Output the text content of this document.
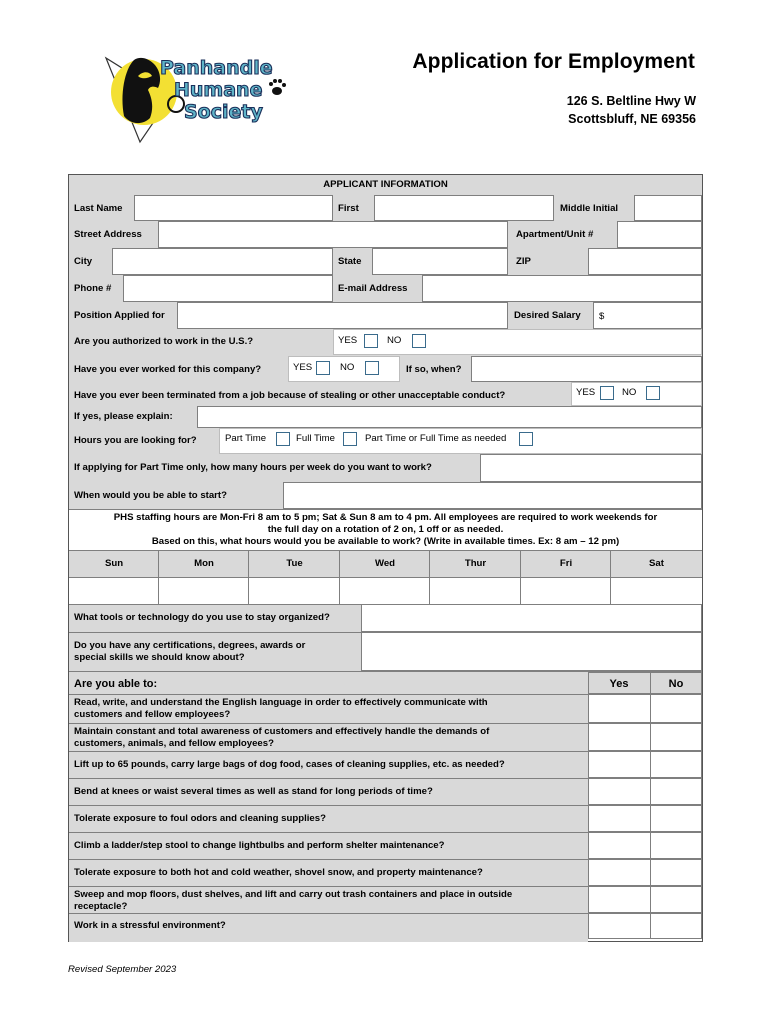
Panhandle
Humane
Society
Application for Employment
126 S. Beltline Hwy W
Scottsbluff, NE 69356
APPLICANT INFORMATION
Last Name	First	Middle Initial
Street Address	Apartment/Unit #
City	State	ZIP
Phone #	E-mail Address
Position Applied for	Desired Salary $
Are you authorized to work in the U.S.?	YES	NO
Have you ever worked for this company?	YES	NO	If so, when?
Have you ever been terminated from a job because of stealing or other unacceptable conduct?	YES	NO
If yes, please explain:
Hours you are looking for?	Part Time	Full Time	Part Time or Full Time as needed
If applying for Part Time only, how many hours per week do you want to work?
When would you be able to start?
PHS staffing hours are Mon-Fri 8 am to 5 pm; Sat & Sun 8 am to 4 pm. All employees are required to work weekends for
the full day on a rotation of 2 on, 1 off or as needed.
Based on this, what hours would you be available to work? (Write in available times. Ex: 8 am – 12 pm)
Sun	Mon	Tue	Wed	Thur	Fri	Sat
What tools or technology do you use to stay organized?
Do you have any certifications, degrees, awards or
special skills we should know about?
Are you able to:	Yes	No
Read, write, and understand the English language in order to effectively communicate with
customers and fellow employees?
Maintain constant and total awareness of customers and effectively handle the demands of
customers, animals, and fellow employees?
Lift up to 65 pounds, carry large bags of dog food, cases of cleaning supplies, etc. as needed?
Bend at knees or waist several times as well as stand for long periods of time?
Tolerate exposure to foul odors and cleaning supplies?
Climb a ladder/step stool to change lightbulbs and perform shelter maintenance?
Tolerate exposure to both hot and cold weather, shovel snow, and property maintenance?
Sweep and mop floors, dust shelves, and lift and carry out trash containers and place in outside
receptacle?
Work in a stressful environment?
Revised September 2023
